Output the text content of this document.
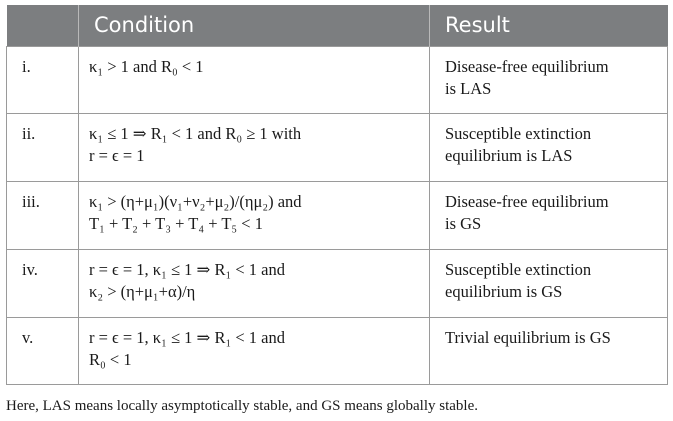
	Condition	Result
i.	κ₁ > 1 and R₀ < 1	Disease-free equilibrium
is LAS
ii.	κ₁ ≤ 1 ⇒ R₁ < 1 and R₀ ≥ 1 with
r = ϵ = 1	Susceptible extinction
equilibrium is LAS
iii.	κ₁ > (η+μ₁)(ν₁+ν₂+μ₂)/(ημ₂) and
T₁ + T₂ + T₃ + T₄ + T₅ < 1	Disease-free equilibrium
is GS
iv.	r = ϵ = 1, κ₁ ≤ 1 ⇒ R₁ < 1 and
κ₂ > (η+μ₁+α)/η	Susceptible extinction
equilibrium is GS
v.	r = ϵ = 1, κ₁ ≤ 1 ⇒ R₁ < 1 and
R₀ < 1	Trivial equilibrium is GS
Here, LAS means locally asymptotically stable, and GS means globally stable.
